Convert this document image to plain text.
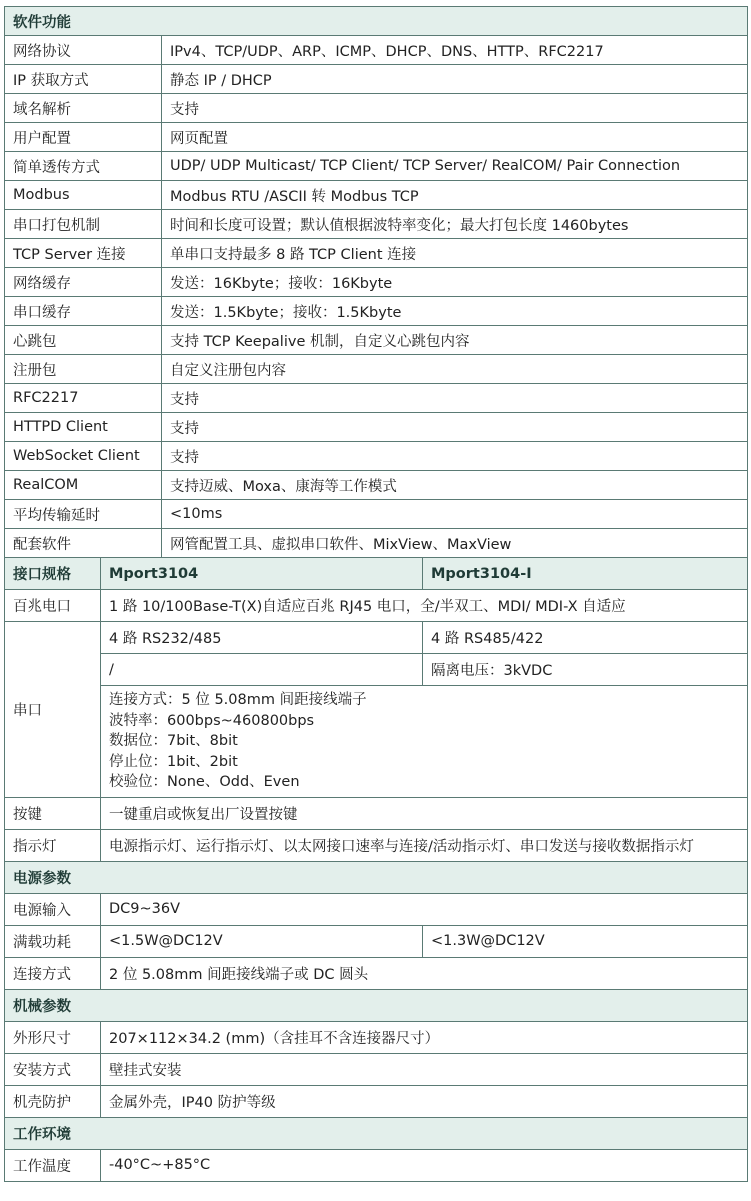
软件功能	
网络协议	IPv4、TCP/UDP、ARP、ICMP、DHCP、DNS、HTTP、RFC2217
IP 获取方式	静态 IP / DHCP
域名解析	支持
用户配置	网页配置
简单透传方式	UDP/ UDP Multicast/ TCP Client/ TCP Server/ RealCOM/ Pair Connection
Modbus	Modbus RTU /ASCII 转 Modbus TCP
串口打包机制	时间和长度可设置；默认值根据波特率变化；最大打包长度 1460bytes
TCP Server 连接	单串口支持最多 8 路 TCP Client 连接
网络缓存	发送：16Kbyte；接收：16Kbyte
串口缓存	发送：1.5Kbyte；接收：1.5Kbyte
心跳包	支持 TCP Keepalive 机制，自定义心跳包内容
注册包	自定义注册包内容
RFC2217	支持
HTTPD Client	支持
WebSocket Client	支持
RealCOM	支持迈威、Moxa、康海等工作模式
平均传输延时	<10ms
配套软件	网管配置工具、虚拟串口软件、MixView、MaxView
接口规格	Mport3104	Mport3104-I
百兆电口	1 路 10/100Base-T(X)自适应百兆 RJ45 电口，全/半双工、MDI/ MDI-X 自适应	
串口	4 路 RS232/485	4 路 RS485/422
	/	隔离电压：3kVDC

	连接方式：5 位 5.08mm 间距接线端子
波特率：600bps~460800bps
数据位：7bit、8bit
停止位：1bit、2bit
校验位：None、Odd、Even	

按键	一键重启或恢复出厂设置按键	
指示灯	电源指示灯、运行指示灯、以太网接口速率与连接/活动指示灯、串口发送与接收数据指示灯	
电源参数		
电源输入	DC9~36V	
满载功耗	<1.5W@DC12V	<1.3W@DC12V
连接方式	2 位 5.08mm 间距接线端子或 DC 圆头	
机械参数		
外形尺寸	207×112×34.2 (mm)（含挂耳不含连接器尺寸）	
安装方式	壁挂式安装	
机壳防护	金属外壳，IP40 防护等级	
工作环境		
工作温度	-40°C~+85°C	
